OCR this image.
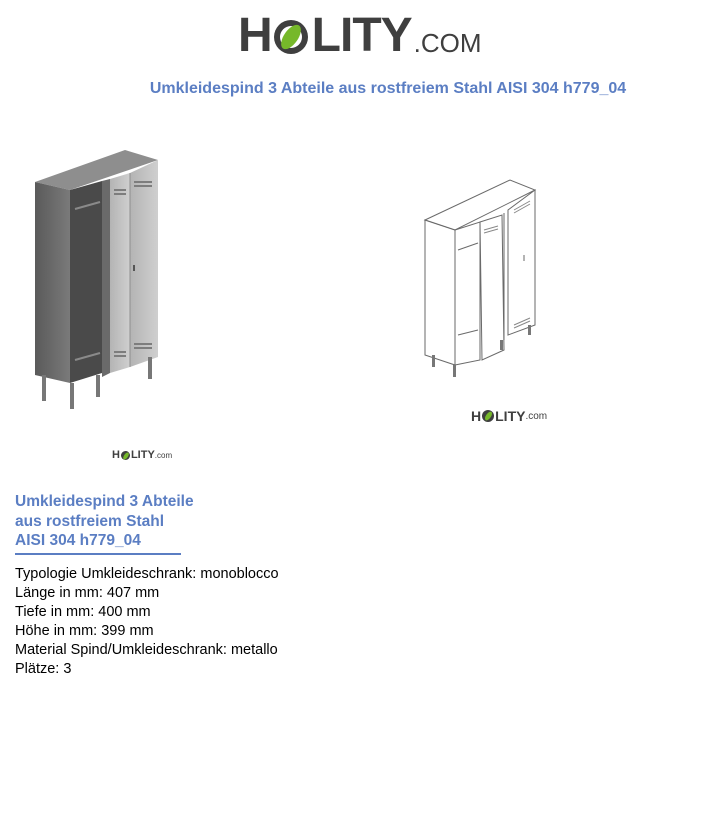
H LITY .COM
Umkleidespind 3 Abteile aus rostfreiem Stahl AISI 304 h779_04
H LITY .com
H LITY .com
Umkleidespind 3 Abteile
aus rostfreiem Stahl
AISI 304 h779_04
Typologie Umkleideschrank: monoblocco
Länge in mm: 407 mm
Tiefe in mm: 400 mm
Höhe in mm: 399 mm
Material Spind/Umkleideschrank: metallo
Plätze: 3
